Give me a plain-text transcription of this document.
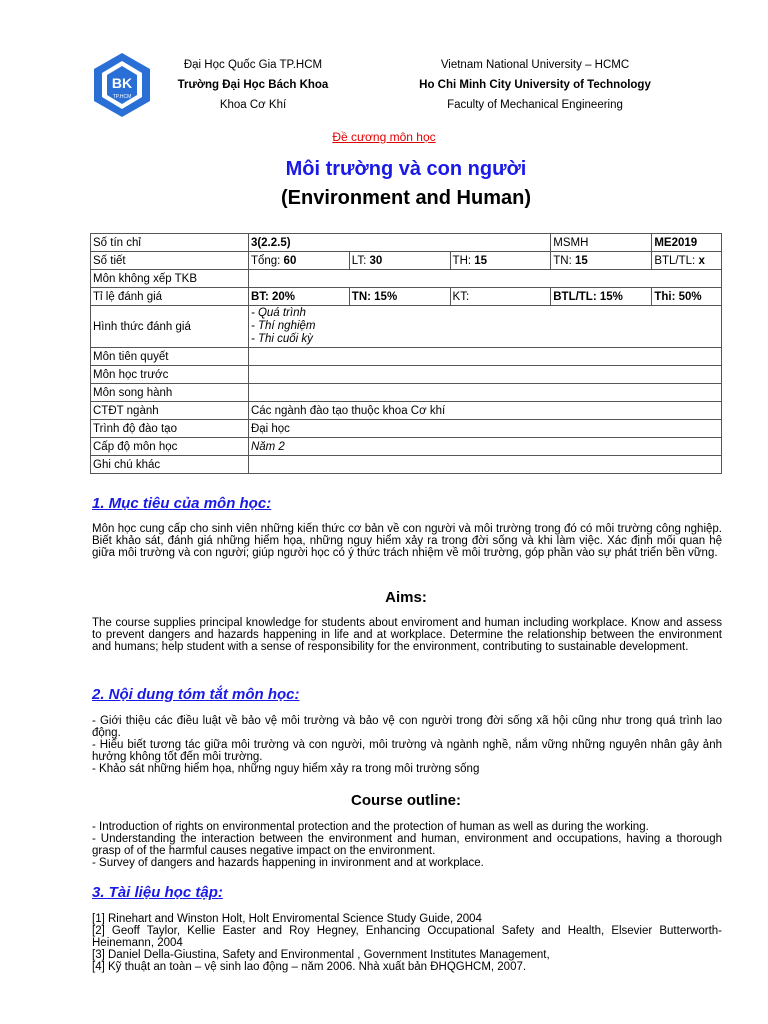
BK
TP.HCM
Đại Học Quốc Gia TP.HCM
Trường Đại Học Bách Khoa
Khoa Cơ Khí
Vietnam National University – HCMC
Ho Chi Minh City University of Technology
Faculty of Mechanical Engineering
Đề cương môn học
Môi trường và con người
(Environment and Human)
Số tín chỉ	3(2.2.5)			MSMH	ME2019
Số tiết	Tổng: 60	LT: 30	TH: 15	TN: 15	BTL/TL: x
Môn không xếp TKB					
Tỉ lệ đánh giá	BT: 20%	TN: 15%	KT:	BTL/TL: 15%	Thi: 50%
Hình thức đánh giá	- Quá trình
- Thí nghiệm
- Thi cuối kỳ				

Môn tiên quyết					
Môn học trước					
Môn song hành					
CTĐT ngành	Các ngành đào tạo thuộc khoa Cơ khí				
Trình độ đào tạo	Đại học				
Cấp độ môn học	Năm 2				
Ghi chú khác					
1. Mục tiêu của môn học:
Môn học cung cấp cho sinh viên những kiến thức cơ bản về con người và môi trường trong đó có môi trường công nghiệp. Biết khảo sát, đánh giá những hiểm họa, những nguy hiểm xảy ra trong đời sống và khi làm việc. Xác định mối quan hệ giữa môi trường và con người; giúp người học có ý thức trách nhiệm về môi trường, góp phần vào sự phát triển bền vững.
Aims:
The course supplies principal knowledge for students about enviroment and human including workplace. Know and assess to prevent dangers and hazards happening in life and at workplace. Determine the relationship between the environment and humans; help student with a sense of responsibility for the environment, contributing to sustainable development.
2. Nội dung tóm tắt môn học:
- Giới thiệu các điều luật về bảo vệ môi trường và bảo vệ con người trong đời sống xã hội cũng như trong quá trình lao động.
- Hiểu biết tương tác giữa môi trường và con người, môi trường và ngành nghề, nắm vững những nguyên nhân gây ảnh hưởng không tốt đến môi trường.
- Khảo sát những hiểm họa, những nguy hiểm xảy ra trong môi trường sống
Course outline:
- Introduction of rights on environmental protection and the protection of human as well as during the working.
- Understanding the interaction between the environment and human, environment and occupations, having a thorough grasp of of the harmful causes negative impact on the environment.
- Survey of dangers and hazards happening in invironment and at workplace.
3. Tài liệu học tập:
[1] Rinehart and Winston Holt, Holt Enviromental Science Study Guide, 2004
[2] Geoff Taylor, Kellie Easter and Roy Hegney, Enhancing Occupational Safety and Health, Elsevier Butterworth-Heinemann, 2004
[3] Daniel Della-Giustina, Safety and Environmental , Government Institutes Management,
[4] Kỹ thuật an toàn – vệ sinh lao động – năm 2006. Nhà xuất bản ĐHQGHCM, 2007.
